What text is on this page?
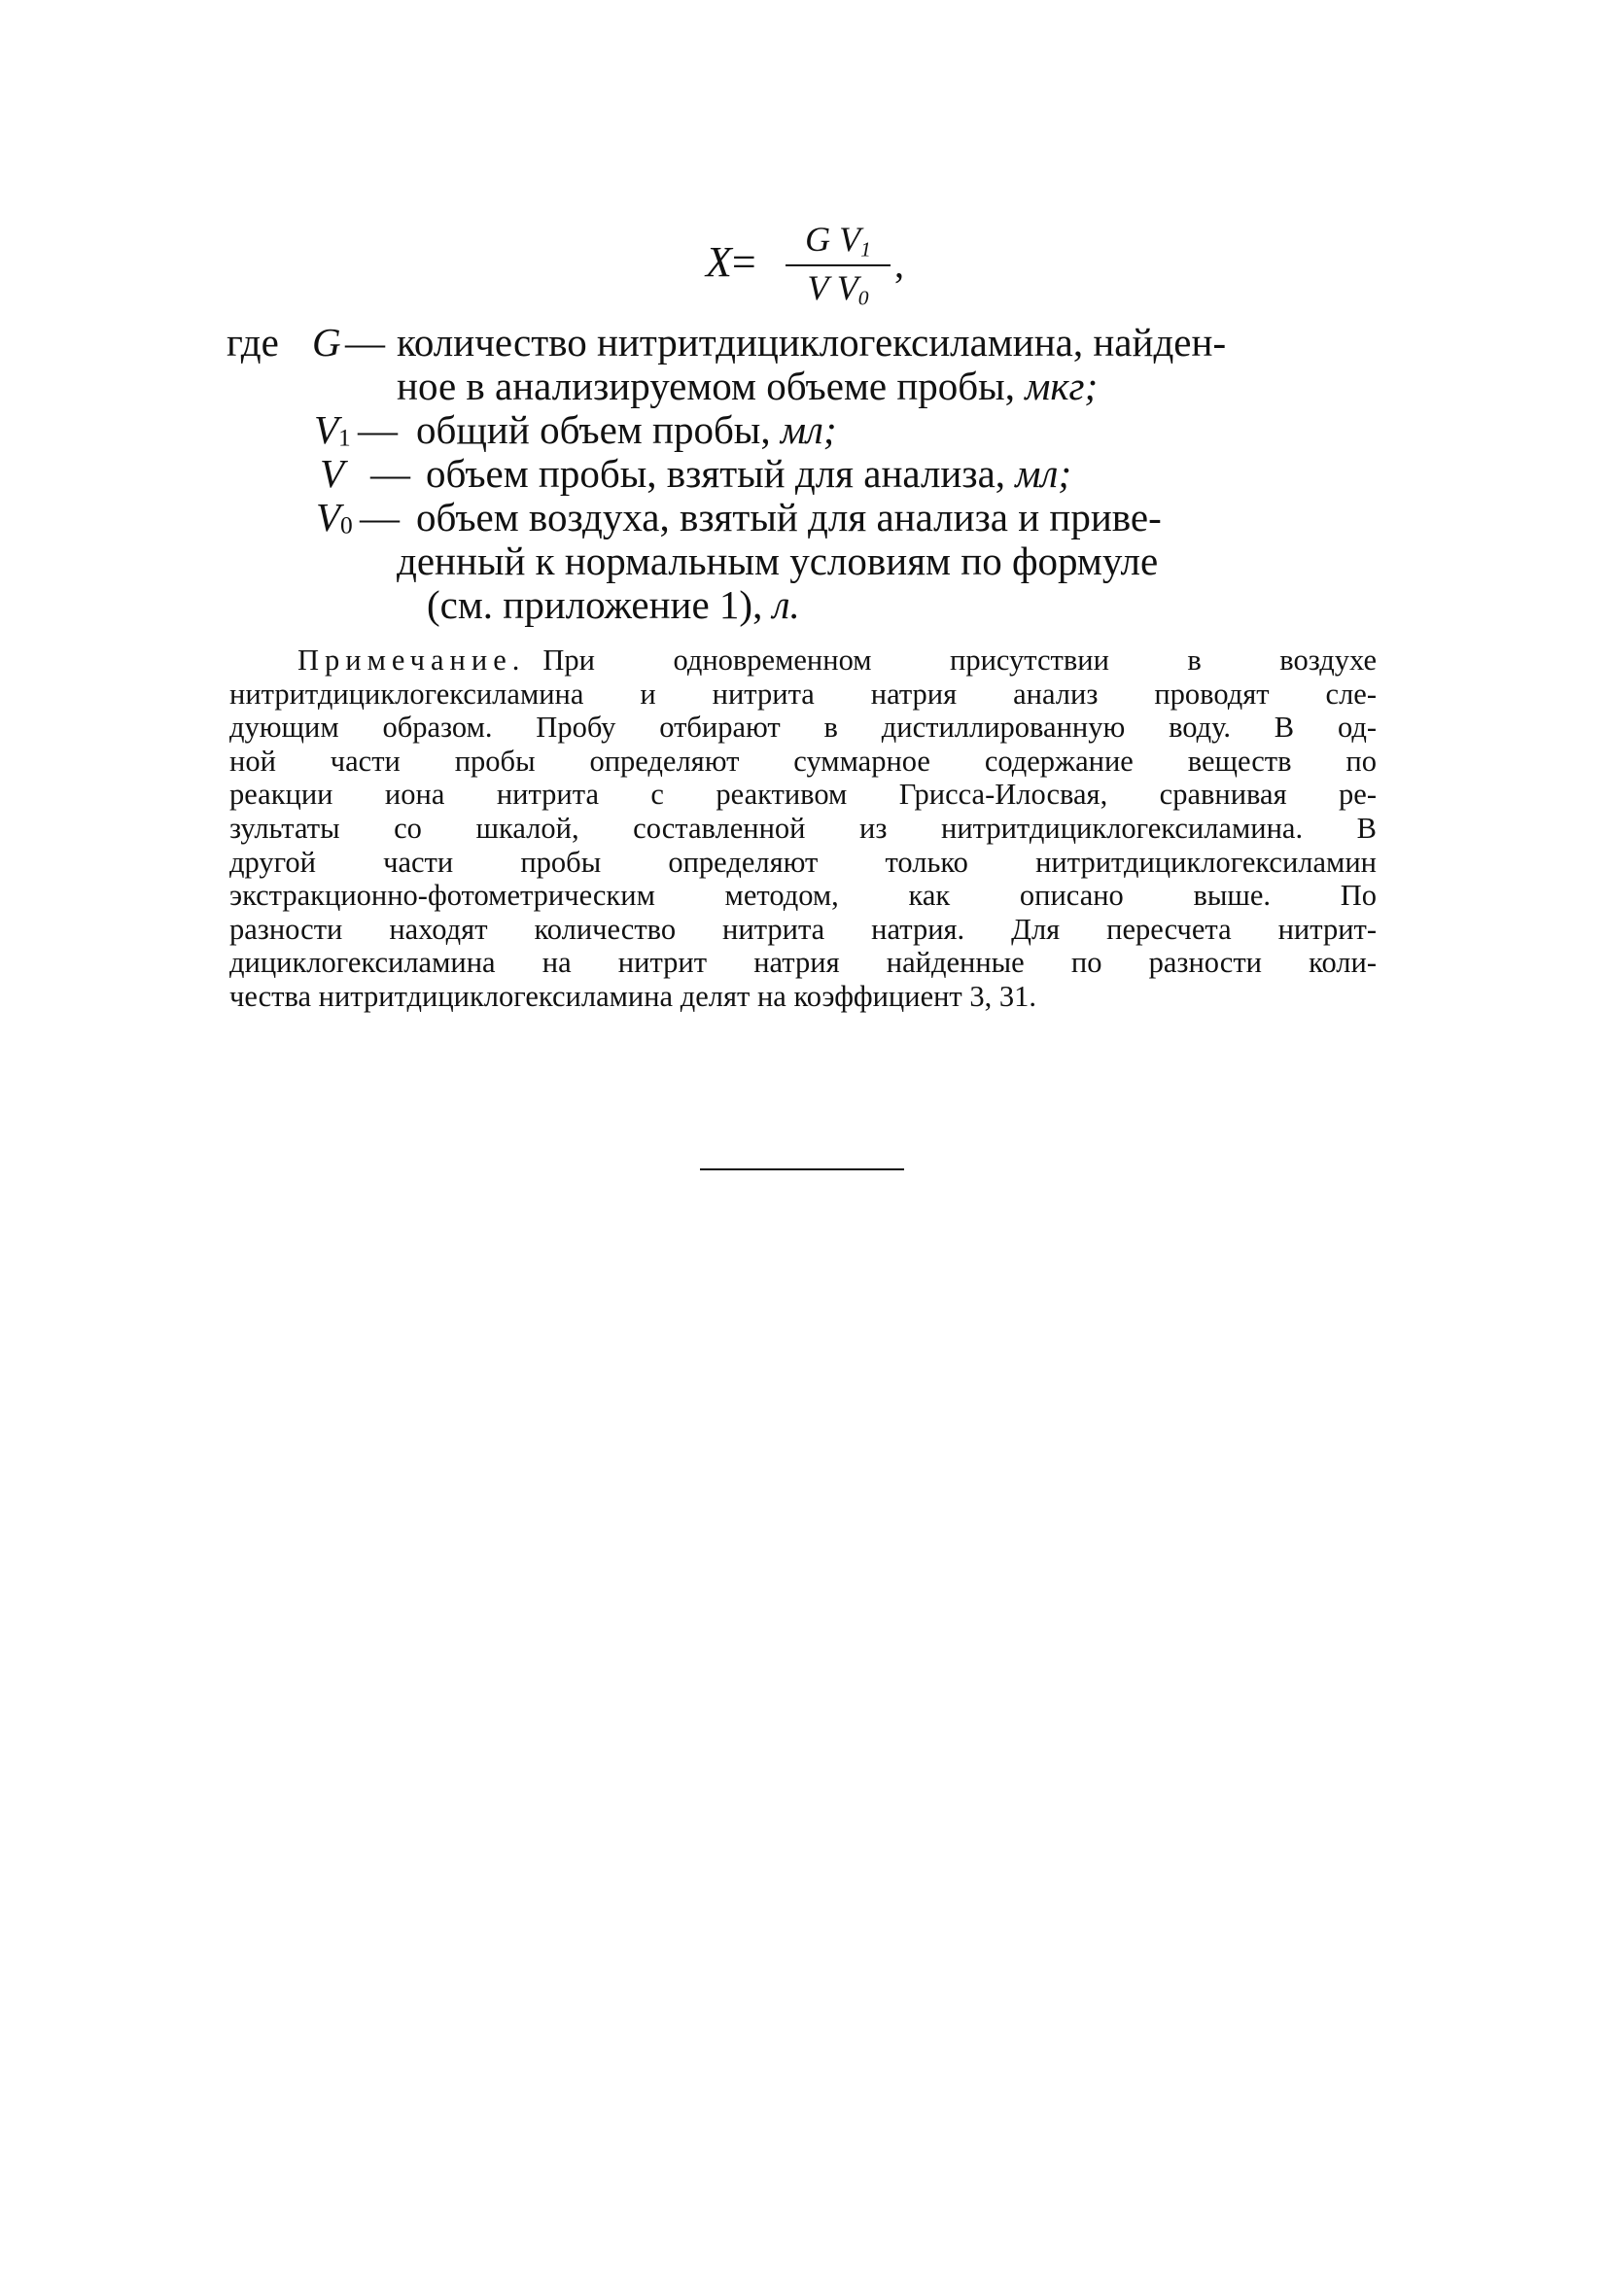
X=	G $V_1$
V $V_0$
,
где G — количество нитритдициклогексиламина, найден-
ное в анализируемом объеме пробы, мкг;
V1 — общий объем пробы, мл;
V — объем пробы, взятый для анализа, мл;
V0 — объем воздуха, взятый для анализа и приве-
денный к нормальным условиям по формуле
(см. приложение 1), л.
Примечание. При одновременном присутствии в воздухе
нитритдициклогексиламина и нитрита натрия анализ проводят сле-
дующим образом. Пробу отбирают в дистиллированную воду. В од-
ной части пробы определяют суммарное содержание веществ по
реакции иона нитрита с реактивом Грисса-Илосвая, сравнивая ре-
зультаты со шкалой, составленной из нитритдициклогексиламина. В
другой части пробы определяют только нитритдициклогексиламин
экстракционно-фотометрическим методом, как описано выше. По
разности находят количество нитрита натрия. Для пересчета нитрит-
дициклогексиламина на нитрит натрия найденные по разности коли-
чества нитритдициклогексиламина делят на коэффициент 3, 31.
